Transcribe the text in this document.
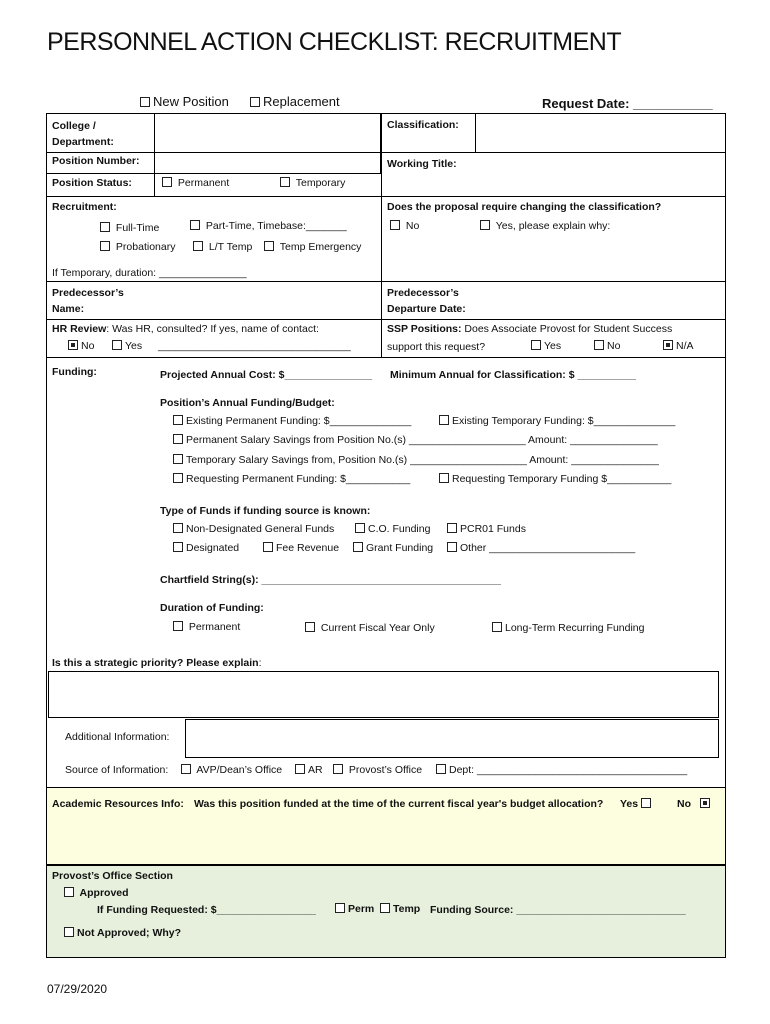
PERSONNEL ACTION CHECKLIST: RECRUITMENT
New Position	Replacement	Request Date: ___________
College / Department:
Classification:
Position Number:	Working Title:
Position Status:	Permanent	Temporary
Recruitment:
Full-Time	Part-Time, Timebase:_______
Probationary	L/T Temp	Temp Emergency
If Temporary, duration: _______________
Does the proposal require changing the classification?
No	Yes, please explain why:
Predecessor’s Name:
Predecessor’s Departure Date:
HR Review: Was HR, consulted? If yes, name of contact:
No	Yes _________________________________
SSP Positions: Does Associate Provost for Student Success
support this request?	Yes	No	N/A
Funding:	Projected Annual Cost: $_______________ Minimum Annual for Classification: $ __________
Position’s Annual Funding/Budget:
Existing Permanent Funding: $______________	Existing Temporary Funding: $______________
Permanent Salary Savings from Position No.(s) ____________________ Amount: _______________
Temporary Salary Savings from, Position No.(s) ____________________ Amount: _______________
Requesting Permanent Funding: $___________	Requesting Temporary Funding $___________
Type of Funds if funding source is known:
Non-Designated General Funds	C.O. Funding	PCR01 Funds
Designated	Fee Revenue	Grant Funding	Other _________________________
Chartfield String(s): _________________________________________
Duration of Funding:
Permanent	Current Fiscal Year Only	Long-Term Recurring Funding
Is this a strategic priority? Please explain:
Additional Information:
Source of Information:	AVP/Dean’s Office	AR	Provost’s Office	Dept: ____________________________________
Academic Resources Info: Was this position funded at the time of the current fiscal year's budget allocation? Yes	No
Provost’s Office Section
Approved
If Funding Requested: $_________________	Perm	Temp Funding Source: _____________________________
Not Approved; Why?
07/29/2020
